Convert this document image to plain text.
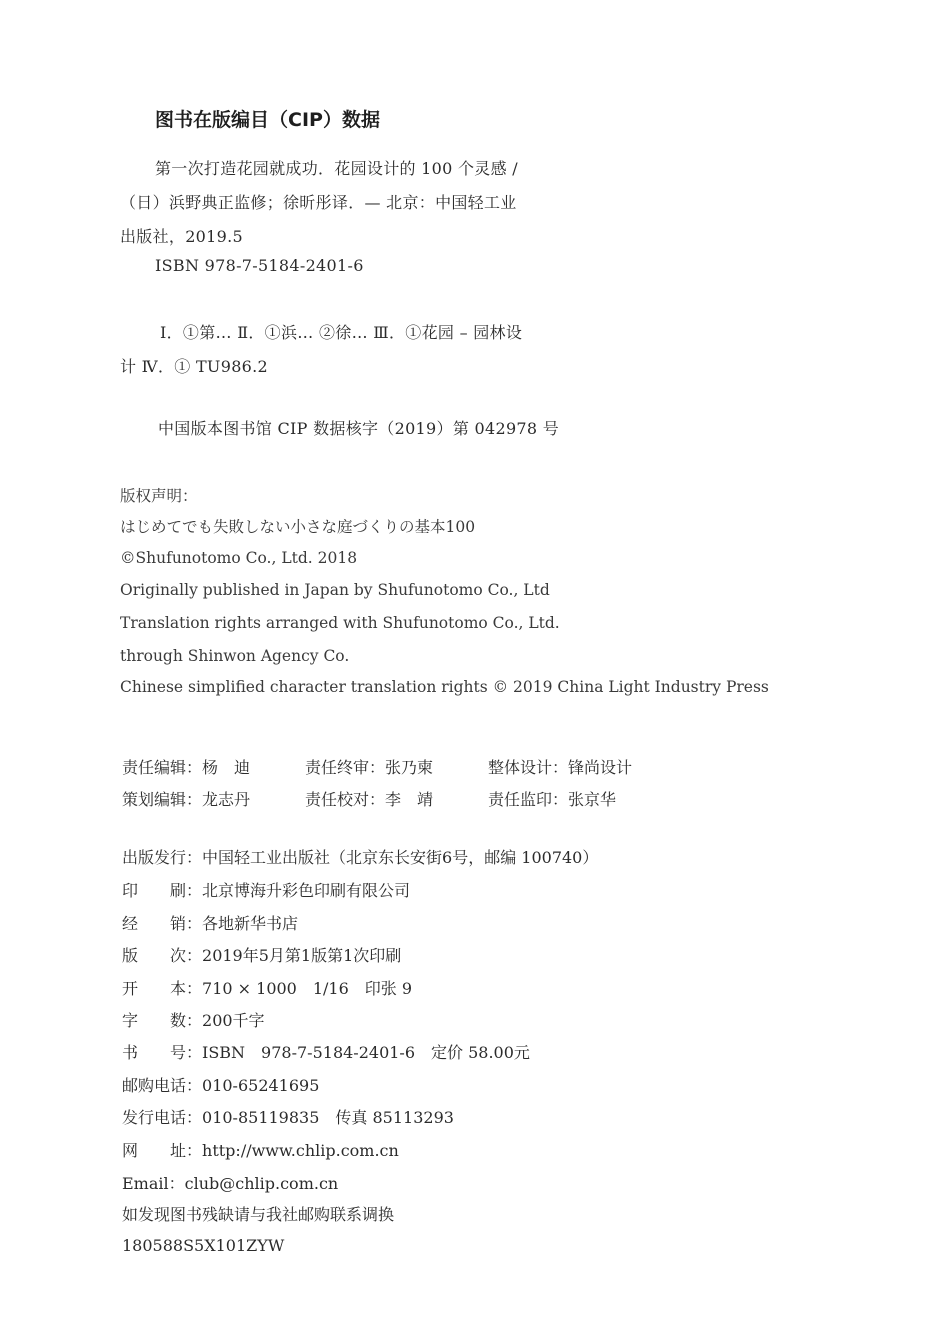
图书在版编目（CIP）数据
第一次打造花园就成功．花园设计的 100 个灵感 /
（日）浜野典正监修；徐昕彤译．— 北京：中国轻工业
出版社，2019.5
ISBN 978-7-5184-2401-6
Ⅰ．①第… Ⅱ．①浜… ②徐… Ⅲ．①花园 – 园林设
计 Ⅳ．① TU986.2
中国版本图书馆 CIP 数据核字（2019）第 042978 号
版权声明：
はじめてでも失敗しない小さな庭づくりの基本100
©Shufunotomo Co., Ltd. 2018
Originally published in Japan by Shufunotomo Co., Ltd
Translation rights arranged with Shufunotomo Co., Ltd.
through Shinwon Agency Co.
Chinese simplified character translation rights © 2019 China Light Industry Press
责任编辑：杨　迪	责任终审：张乃柬	整体设计：锋尚设计
策划编辑：龙志丹	责任校对：李　靖	责任监印：张京华
出版发行：中国轻工业出版社（北京东长安街6号，邮编 100740）
印　　刷：北京博海升彩色印刷有限公司
经　　销：各地新华书店
版　　次：2019年5月第1版第1次印刷
开　　本：710 × 1000　1/16　印张 9
字　　数：200千字
书　　号：ISBN　978-7-5184-2401-6　定价 58.00元
邮购电话：010-65241695
发行电话：010-85119835　传真 85113293
网　　址：http://www.chlip.com.cn
Email：club@chlip.com.cn
如发现图书残缺请与我社邮购联系调换
180588S5X101ZYW
